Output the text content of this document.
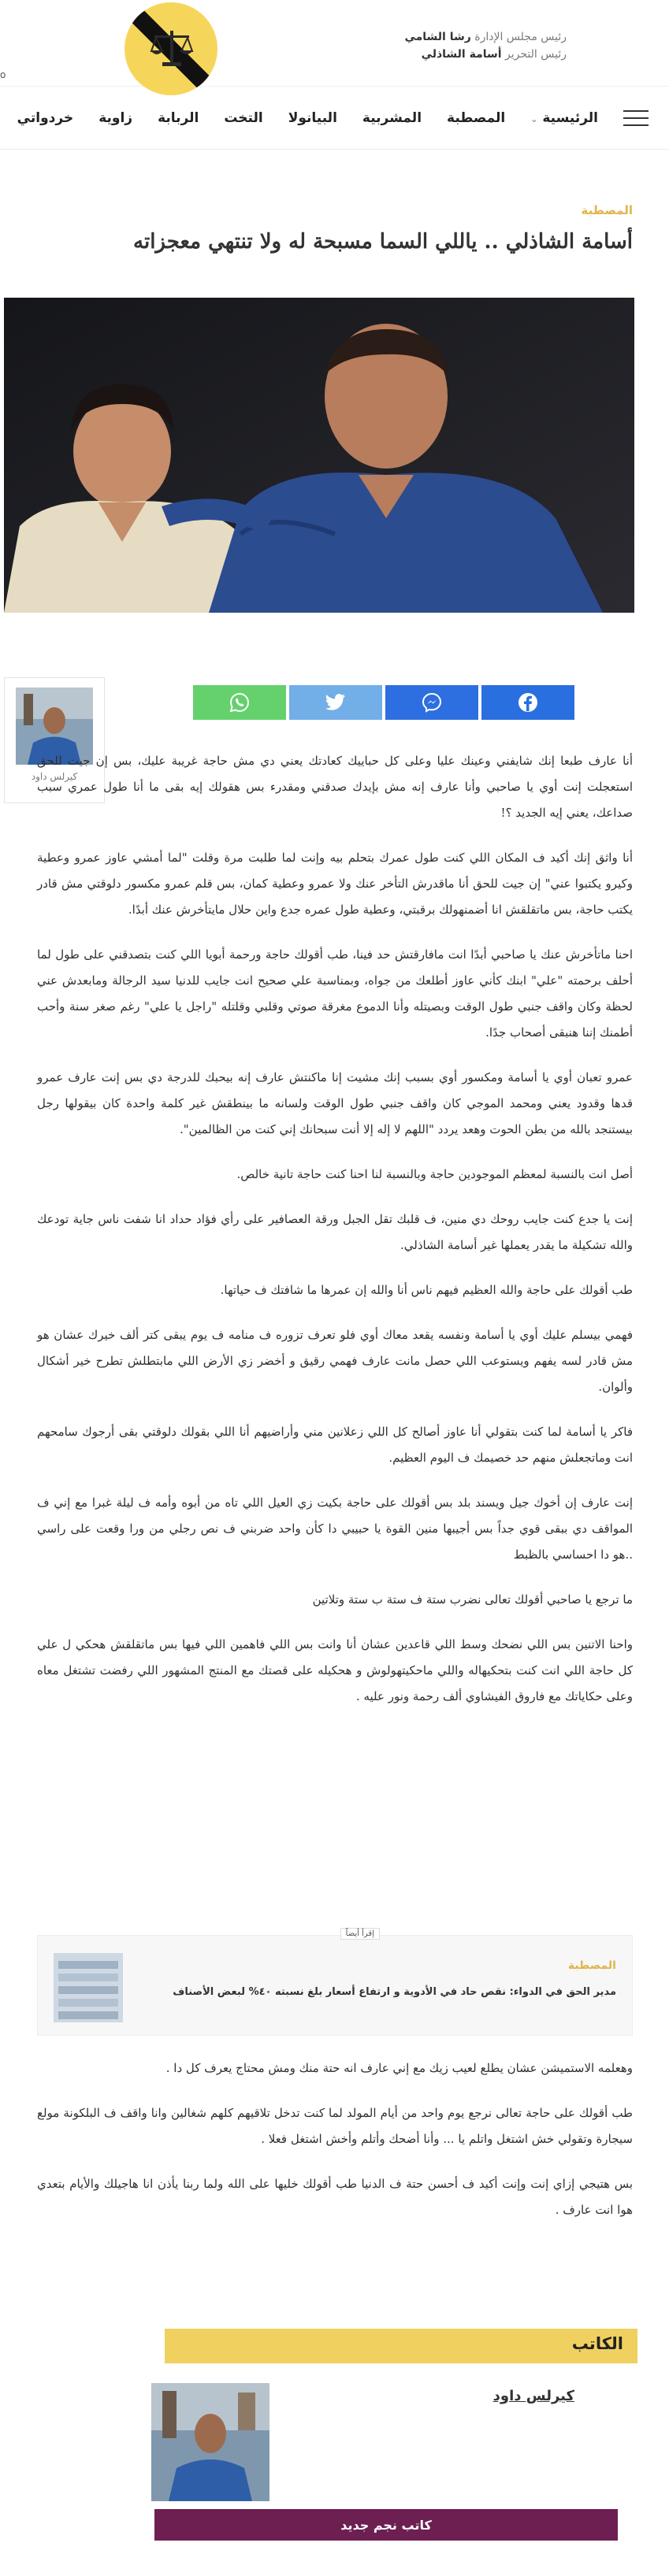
رئيس مجلس الإدارة رشا الشامي
رئيس التحرير أسامة الشاذلي
o
الرئيسية ⌄
المصطبة
المشربية
البيانولا
التخت
الربابة
زاوية
خردواتي
المصطبة
أسامة الشاذلي .. ياللي السما مسبحة له ولا تنتهي معجزاته
كيرلس داود

أنا عارف طبعا إنك شايفني وعينك عليا وعلى كل حباييك كعادتك يعني دي مش حاجة غريبة عليك، بس إن جيت للحق استعجلت إنت أوي يا صاحبي وأنا عارف إنه مش بإيدك صدقني ومقدرء بس هقولك إيه بقى ما أنا طول عمري سبب صداعك، يعني إيه الجديد ؟!

أنا واثق إنك أكيد ف المكان اللي كنت طول عمرك بتحلم بيه وإنت لما طلبت مرة وقلت "لما أمشي عاوز عمرو وعطية وكيرو يكتبوا عني" إن جيت للحق أنا ماقدرش التأخر عنك ولا عمرو وعطية كمان، بس قلم عمرو مكسور دلوقتي مش قادر يكتب حاجة، بس ماتقلقش انا أضمنهولك برقبتي، وعطية طول عمره جدع واين حلال مايتأخرش عنك أبدًا.

احنا ماتأخرش عنك يا صاحبي أبدًا انت مافارقتش حد فينا، طب أقولك حاجة ورحمة أبويا اللي كنت بتصدقني على طول لما أحلف برحمته "علي" ابنك كأني عاوز أطلعك من جواه، وبمناسبة علي صحيح انت جايب للدنيا سيد الرجالة ومابعدش عني لحظة وكان واقف جنبي طول الوقت وبصيتله وأنا الدموع مغرقة صوتي وقلبي وقلتله "راجل يا علي" رغم صغر سنة وأحب أطمنك إننا هنبقى أصحاب جدًا.

عمرو تعبان أوي يا أسامة ومكسور أوي بسبب إنك مشيت إنا ماكنتش عارف إنه بيحبك للدرجة دي بس إنت عارف عمرو قدها وقدود يعني ومحمد الموجي كان واقف جنبي طول الوقت ولسانه ما بينطقش غير كلمة واحدة كان بيقولها رجل بيستنجد بالله من بطن الحوت وهعد يردد "اللهم لا إله إلا أنت سبحانك إني كنت من الظالمين".

أصل انت بالنسبة لمعظم الموجودين حاجة وبالنسبة لنا احنا كنت حاجة تانية خالص.

إنت يا جدع كنت جايب روحك دي منين، ف قلبك تقل الجبل ورقة العصافير على رأي فؤاد حداد انا شفت ناس جاية تودعك والله تشكيلة ما يقدر يعملها غير أسامة الشاذلي.

طب أقولك على حاجة والله العظيم فيهم ناس أنا والله إن عمرها ما شافتك ف حياتها.

فهمي بيسلم عليك أوي يا أسامة ونفسه يقعد معاك أوي فلو تعرف تزوره ف منامه ف يوم يبقى كتر ألف خيرك عشان هو مش قادر لسه يفهم ويستوعب اللي حصل مانت عارف فهمي رقيق و أخضر زي الأرض اللي مابتطلش تطرح خير أشكال وألوان.

فاكر يا أسامة لما كنت بتقولي أنا عاوز أصالح كل اللي زعلانين مني وأراضيهم أنا اللي بقولك دلوقتي بقى أرجوك سامحهم انت وماتجعلش منهم حد خصيمك ف اليوم العظيم.

إنت عارف إن أخوك جيل ويسند بلد بس أقولك على حاجة بكيت زي العيل اللي تاه من أبوه وأمه ف ليلة غبرا مع إني ف المواقف دي ببقى قوي جداً بس أجيبها منين القوة يا حبيبي دا كأن واحد ضربني ف نص رجلي من ورا وقعت على راسي ..هو دا احساسي بالظبط

ما ترجع يا صاحبي أقولك تعالى نضرب ستة ف ستة ب ستة وتلاتين

واحنا الاتنين بس اللي نضحك وسط اللي قاعدين عشان أنا وانت بس اللي فاهمين اللي فيها بس ماتقلقش هحكي ل علي كل حاجة اللي انت كنت بتحكيهاله واللي ماحكيتهولوش و هحكيله على قصتك مع المنتج المشهور اللي رفضت تشتغل معاه وعلى حكاياتك مع فاروق الفيشاوي ألف رحمة ونور عليه .

إقرأ أيضاً
المصطبة
مدير الحق في الدواء: نقص حاد في الأدوية و ارتفاع أسعار بلغ نسبته ٤٠% لبعض الأصناف

وهعلمه الاستميشن عشان يطلع لعيب زيك مع إني عارف انه حتة منك ومش محتاج يعرف كل دا .

طب أقولك على حاجة تعالى نرجع يوم واحد من أيام المولد لما كنت تدخل تلاقيهم كلهم شغالين وانا واقف ف البلكونة مولع سيجارة وتقولي خش اشتغل واتلم يا ... وأنا أضحك وأتلم وأخش اشتغل فعلا .

بس هتيجي إزاي إنت وإنت أكيد ف أحسن حتة ف الدنيا طب أقولك خليها على الله ولما ربنا يأذن انا هاجيلك والأيام بتعدي هوا انت عارف .

الكاتب
كيرلس داود
كاتب نجم جديد
